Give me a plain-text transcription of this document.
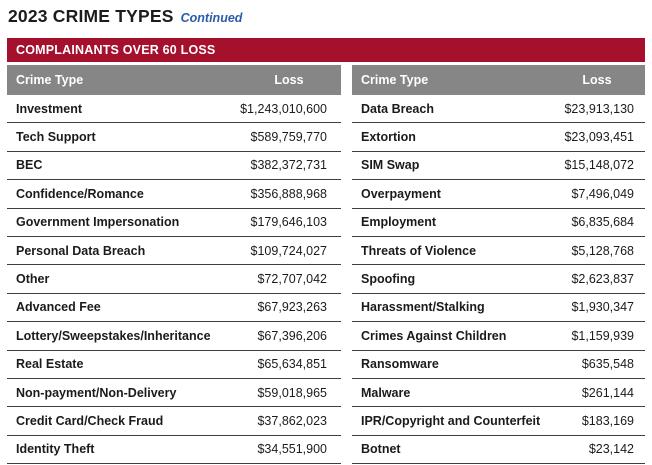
2023 CRIME TYPES Continued
COMPLAINANTS OVER 60 LOSS
Crime Type	Loss
Investment	$1,243,010,600
Tech Support	$589,759,770
BEC	$382,372,731
Confidence/Romance	$356,888,968
Government Impersonation	$179,646,103
Personal Data Breach	$109,724,027
Other	$72,707,042
Advanced Fee	$67,923,263
Lottery/Sweepstakes/Inheritance	$67,396,206
Real Estate	$65,634,851
Non-payment/Non-Delivery	$59,018,965
Credit Card/Check Fraud	$37,862,023
Identity Theft	$34,551,900
Crime Type	Loss
Data Breach	$23,913,130
Extortion	$23,093,451
SIM Swap	$15,148,072
Overpayment	$7,496,049
Employment	$6,835,684
Threats of Violence	$5,128,768
Spoofing	$2,623,837
Harassment/Stalking	$1,930,347
Crimes Against Children	$1,159,939
Ransomware	$635,548
Malware	$261,144
IPR/Copyright and Counterfeit	$183,169
Botnet	$23,142
